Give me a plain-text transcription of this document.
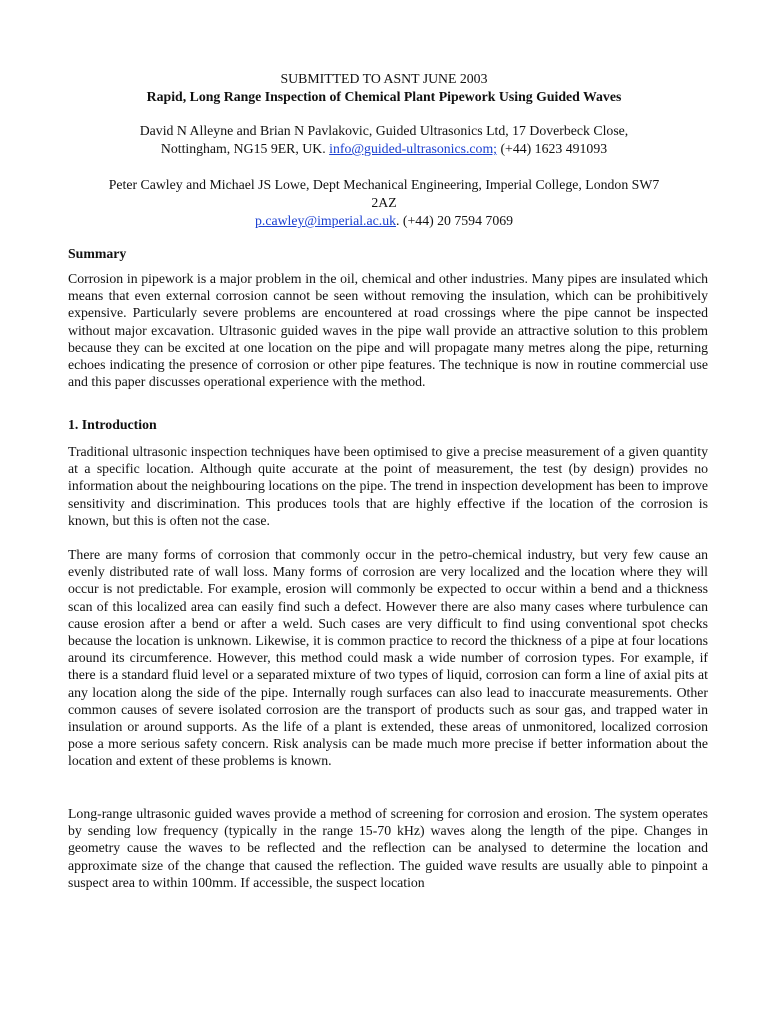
SUBMITTED TO ASNT JUNE 2003
Rapid, Long Range Inspection of Chemical Plant Pipework Using Guided Waves
David N Alleyne and Brian N Pavlakovic, Guided Ultrasonics Ltd, 17 Doverbeck Close,
Nottingham, NG15 9ER, UK. info@guided-ultrasonics.com; (+44) 1623 491093
Peter Cawley and Michael JS Lowe, Dept Mechanical Engineering, Imperial College, London SW7
2AZ
p.cawley@imperial.ac.uk. (+44) 20 7594 7069
Summary

Corrosion in pipework is a major problem in the oil, chemical and other industries. Many pipes are insulated which means that even external corrosion cannot be seen without removing the insulation, which can be prohibitively expensive. Particularly severe problems are encountered at road crossings where the pipe cannot be inspected without major excavation. Ultrasonic guided waves in the pipe wall provide an attractive solution to this problem because they can be excited at one location on the pipe and will propagate many metres along the pipe, returning echoes indicating the presence of corrosion or other pipe features. The technique is now in routine commercial use and this paper discusses operational experience with the method.

1. Introduction

Traditional ultrasonic inspection techniques have been optimised to give a precise measurement of a given quantity at a specific location. Although quite accurate at the point of measurement, the test (by design) provides no information about the neighbouring locations on the pipe. The trend in inspection development has been to improve sensitivity and discrimination. This produces tools that are highly effective if the location of the corrosion is known, but this is often not the case.

There are many forms of corrosion that commonly occur in the petro-chemical industry, but very few cause an evenly distributed rate of wall loss. Many forms of corrosion are very localized and the location where they will occur is not predictable. For example, erosion will commonly be expected to occur within a bend and a thickness scan of this localized area can easily find such a defect. However there are also many cases where turbulence can cause erosion after a bend or after a weld. Such cases are very difficult to find using conventional spot checks because the location is unknown. Likewise, it is common practice to record the thickness of a pipe at four locations around its circumference. However, this method could mask a wide number of corrosion types. For example, if there is a standard fluid level or a separated mixture of two types of liquid, corrosion can form a line of axial pits at any location along the side of the pipe. Internally rough surfaces can also lead to inaccurate measurements. Other common causes of severe isolated corrosion are the transport of products such as sour gas, and trapped water in insulation or around supports. As the life of a plant is extended, these areas of unmonitored, localized corrosion pose a more serious safety concern. Risk analysis can be made much more precise if better information about the location and extent of these problems is known.

Long-range ultrasonic guided waves provide a method of screening for corrosion and erosion. The system operates by sending low frequency (typically in the range 15-70 kHz) waves along the length of the pipe. Changes in geometry cause the waves to be reflected and the reflection can be analysed to determine the location and approximate size of the change that caused the reflection. The guided wave results are usually able to pinpoint a suspect area to within 100mm. If accessible, the suspect location
